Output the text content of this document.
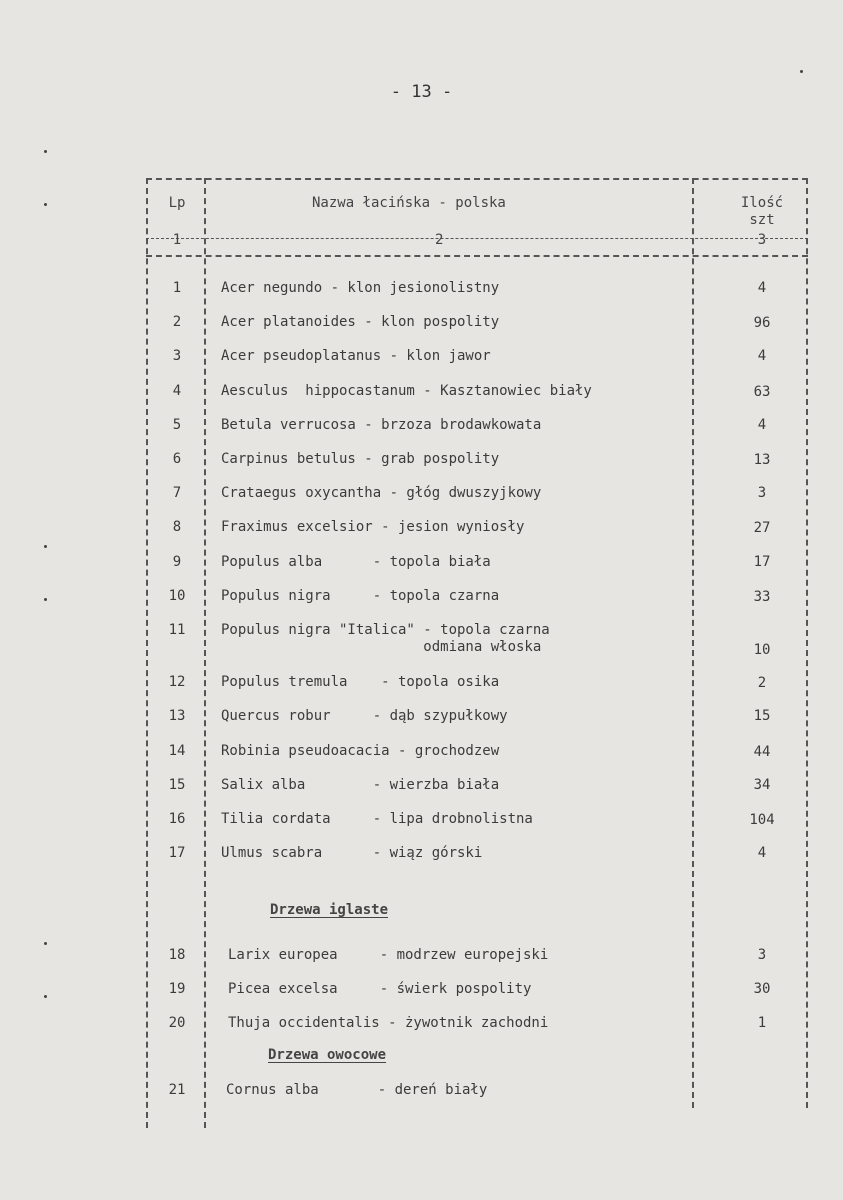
- 13 -
Lp	Nazwa łacińska - polska	Ilość
szt
1	2	3
1	Acer negundo - klon jesionolistny	4
2	Acer platanoides - klon pospolity	96
3	Acer pseudoplatanus - klon jawor	4
4	Aesculus  hippocastanum - Kasztanowiec biały	63
5	Betula verrucosa - brzoza brodawkowata	4
6	Carpinus betulus - grab pospolity	13
7	Crataegus oxycantha - głóg dwuszyjkowy	3
8	Fraximus excelsior - jesion wyniosły	27
9	Populus alba      - topola biała	17
10	Populus nigra     - topola czarna	33
11	Populus nigra "Italica" - topola czarna
odmiana włoska	10
12	Populus tremula    - topola osika	2
13	Quercus robur     - dąb szypułkowy	15
14	Robinia pseudoacacia - grochodzew	44
15	Salix alba        - wierzba biała	34
16	Tilia cordata     - lipa drobnolistna	104
17	Ulmus scabra      - wiąz górski	4
Drzewa iglaste
18	Larix europea     - modrzew europejski	3
19	Picea excelsa     - świerk pospolity	30
20	Thuja occidentalis - żywotnik zachodni	1
Drzewa owocowe
21	Cornus alba       - dereń biały
